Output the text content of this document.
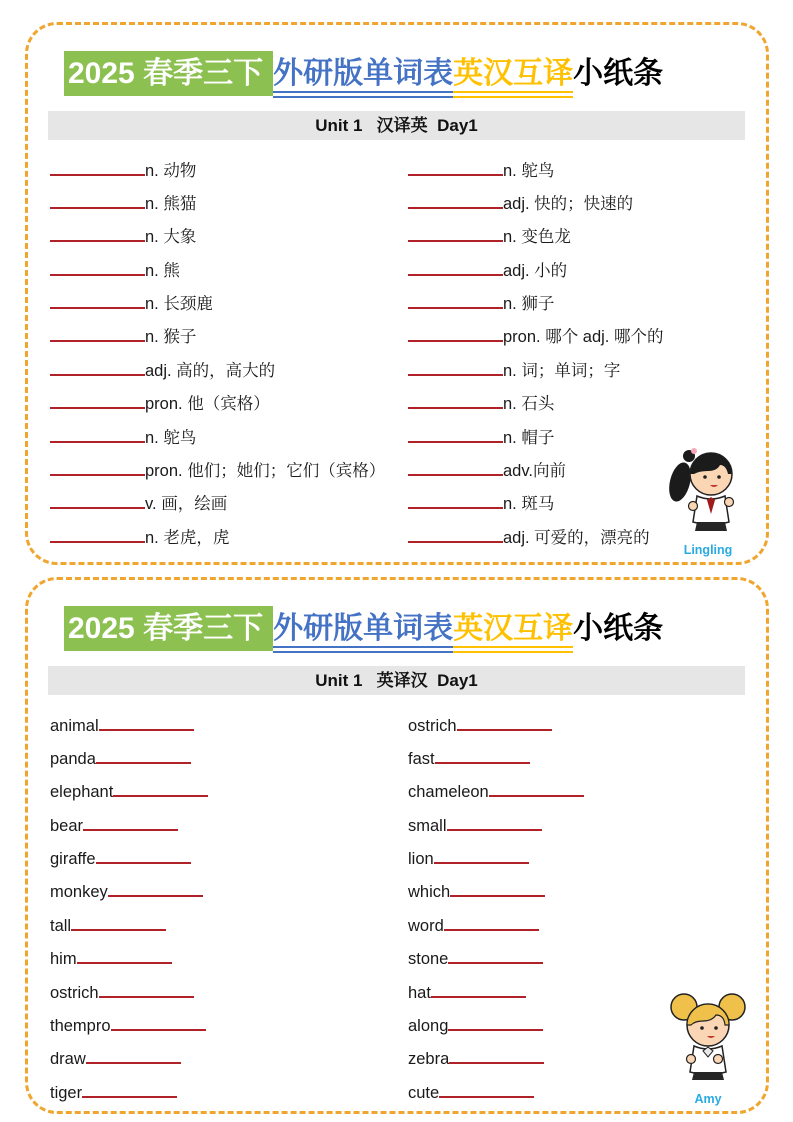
2025 春季三下 外研版单词表英汉互译小纸条
Unit 1   汉译英  Day1
n. 动物
n. 熊猫
n. 大象
n. 熊
n. 长颈鹿
n. 猴子
adj. 高的，高大的
pron. 他（宾格）
n. 鸵鸟
pron. 他们；她们；它们（宾格）
v. 画，绘画
n. 老虎，虎
n. 鸵鸟
adj. 快的；快速的
n. 变色龙
adj. 小的
n. 狮子
pron. 哪个 adj. 哪个的
n. 词；单词；字
n. 石头
n. 帽子
adv.向前
n. 斑马
adj. 可爱的，漂亮的
Lingling
2025 春季三下 外研版单词表英汉互译小纸条
Unit 1   英译汉  Day1
animal
panda
elephant
bear
giraffe
monkey
tall
him
ostrich
thempro
draw
tiger
ostrich
fast
chameleon
small
lion
which
word
stone
hat
along
zebra
cute	Amy
